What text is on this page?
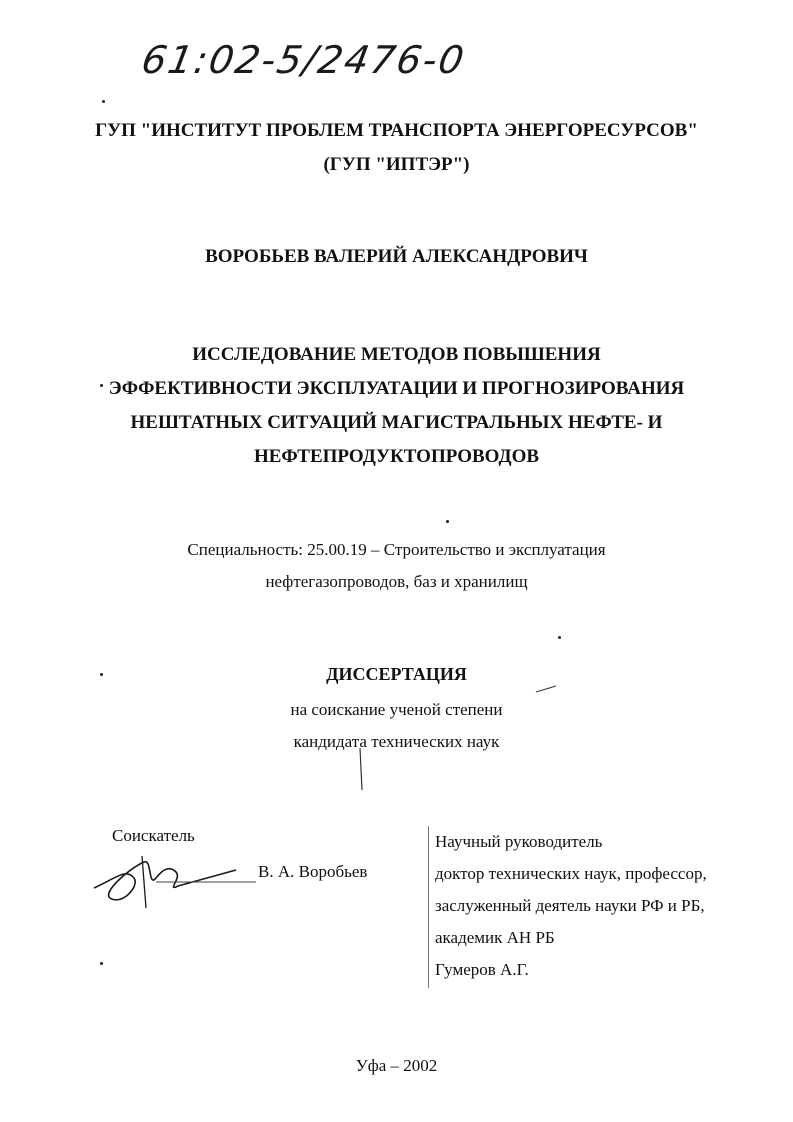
61:02-5/2476-0
ГУП "ИНСТИТУТ ПРОБЛЕМ ТРАНСПОРТА ЭНЕРГОРЕСУРСОВ"
(ГУП "ИПТЭР")
ВОРОБЬЕВ ВАЛЕРИЙ АЛЕКСАНДРОВИЧ
ИССЛЕДОВАНИЕ МЕТОДОВ ПОВЫШЕНИЯ
ЭФФЕКТИВНОСТИ ЭКСПЛУАТАЦИИ И ПРОГНОЗИРОВАНИЯ
НЕШТАТНЫХ СИТУАЦИЙ МАГИСТРАЛЬНЫХ НЕФТЕ- И
НЕФТЕПРОДУКТОПРОВОДОВ
Специальность: 25.00.19 – Строительство и эксплуатация
нефтегазопроводов, баз и хранилищ
ДИССЕРТАЦИЯ
на соискание ученой степени
кандидата технических наук
Соискатель
В. А. Воробьев
Научный руководитель
доктор технических наук, профессор,
заслуженный деятель науки РФ и РБ,
академик АН РБ
Гумеров А.Г.
Уфа – 2002
